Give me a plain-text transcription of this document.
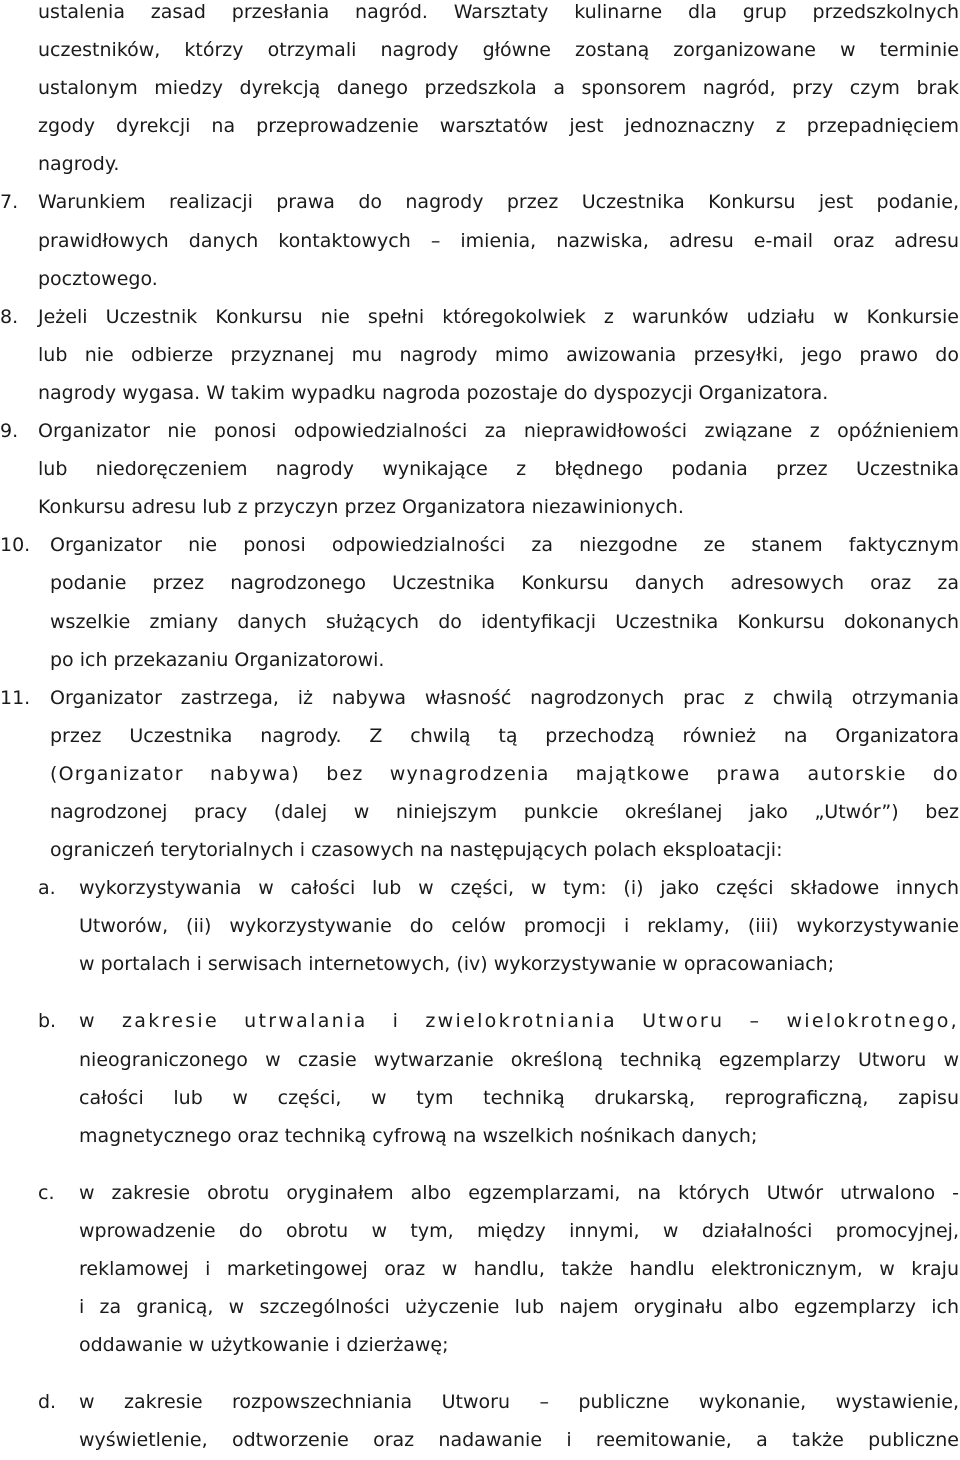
ustalenia zasad przesłania nagród. Warsztaty kulinarne dla grup przedszkolnych
uczestników, którzy otrzymali nagrody główne zostaną zorganizowane w terminie
ustalonym miedzy dyrekcją danego przedszkola a sponsorem nagród, przy czym brak
zgody dyrekcji na przeprowadzenie warsztatów jest jednoznaczny z przepadnięciem
nagrody.
7.	Warunkiem realizacji prawa do nagrody przez Uczestnika Konkursu jest podanie,
prawidłowych danych kontaktowych – imienia, nazwiska, adresu e-mail oraz adresu
pocztowego.
8.	Jeżeli Uczestnik Konkursu nie spełni któregokolwiek z warunków udziału w Konkursie
lub nie odbierze przyznanej mu nagrody mimo awizowania przesyłki, jego prawo do
nagrody wygasa. W takim wypadku nagroda pozostaje do dyspozycji Organizatora.
9.	Organizator nie ponosi odpowiedzialności za nieprawidłowości związane z opóźnieniem
lub niedoręczeniem nagrody wynikające z błędnego podania przez Uczestnika
Konkursu adresu lub z przyczyn przez Organizatora niezawinionych.
10.	Organizator nie ponosi odpowiedzialności za niezgodne ze stanem faktycznym
podanie przez nagrodzonego Uczestnika Konkursu danych adresowych oraz za
wszelkie zmiany danych służących do identyfikacji Uczestnika Konkursu dokonanych
po ich przekazaniu Organizatorowi.
11.	Organizator zastrzega, iż nabywa własność nagrodzonych prac z chwilą otrzymania
przez Uczestnika nagrody. Z chwilą tą przechodzą również na Organizatora
(Organizator nabywa) bez wynagrodzenia majątkowe prawa autorskie do
nagrodzonej pracy (dalej w niniejszym punkcie określanej jako „Utwór”) bez
ograniczeń terytorialnych i czasowych na następujących polach eksploatacji:
a.	wykorzystywania w całości lub w części, w tym: (i) jako części składowe innych
Utworów, (ii) wykorzystywanie do celów promocji i reklamy, (iii) wykorzystywanie
w portalach i serwisach internetowych, (iv) wykorzystywanie w opracowaniach;
b.	w zakresie utrwalania i zwielokrotniania Utworu – wielokrotnego,
nieograniczonego w czasie wytwarzanie określoną techniką egzemplarzy Utworu w
całości lub w części, w tym techniką drukarską, reprograficzną, zapisu
magnetycznego oraz techniką cyfrową na wszelkich nośnikach danych;
c.	w zakresie obrotu oryginałem albo egzemplarzami, na których Utwór utrwalono -
wprowadzenie do obrotu w tym, między innymi, w działalności promocyjnej,
reklamowej i marketingowej oraz w handlu, także handlu elektronicznym, w kraju
i za granicą, w szczególności użyczenie lub najem oryginału albo egzemplarzy ich
oddawanie w użytkowanie i dzierżawę;
d.	w zakresie rozpowszechniania Utworu – publiczne wykonanie, wystawienie,
wyświetlenie, odtworzenie oraz nadawanie i reemitowanie, a także publiczne
